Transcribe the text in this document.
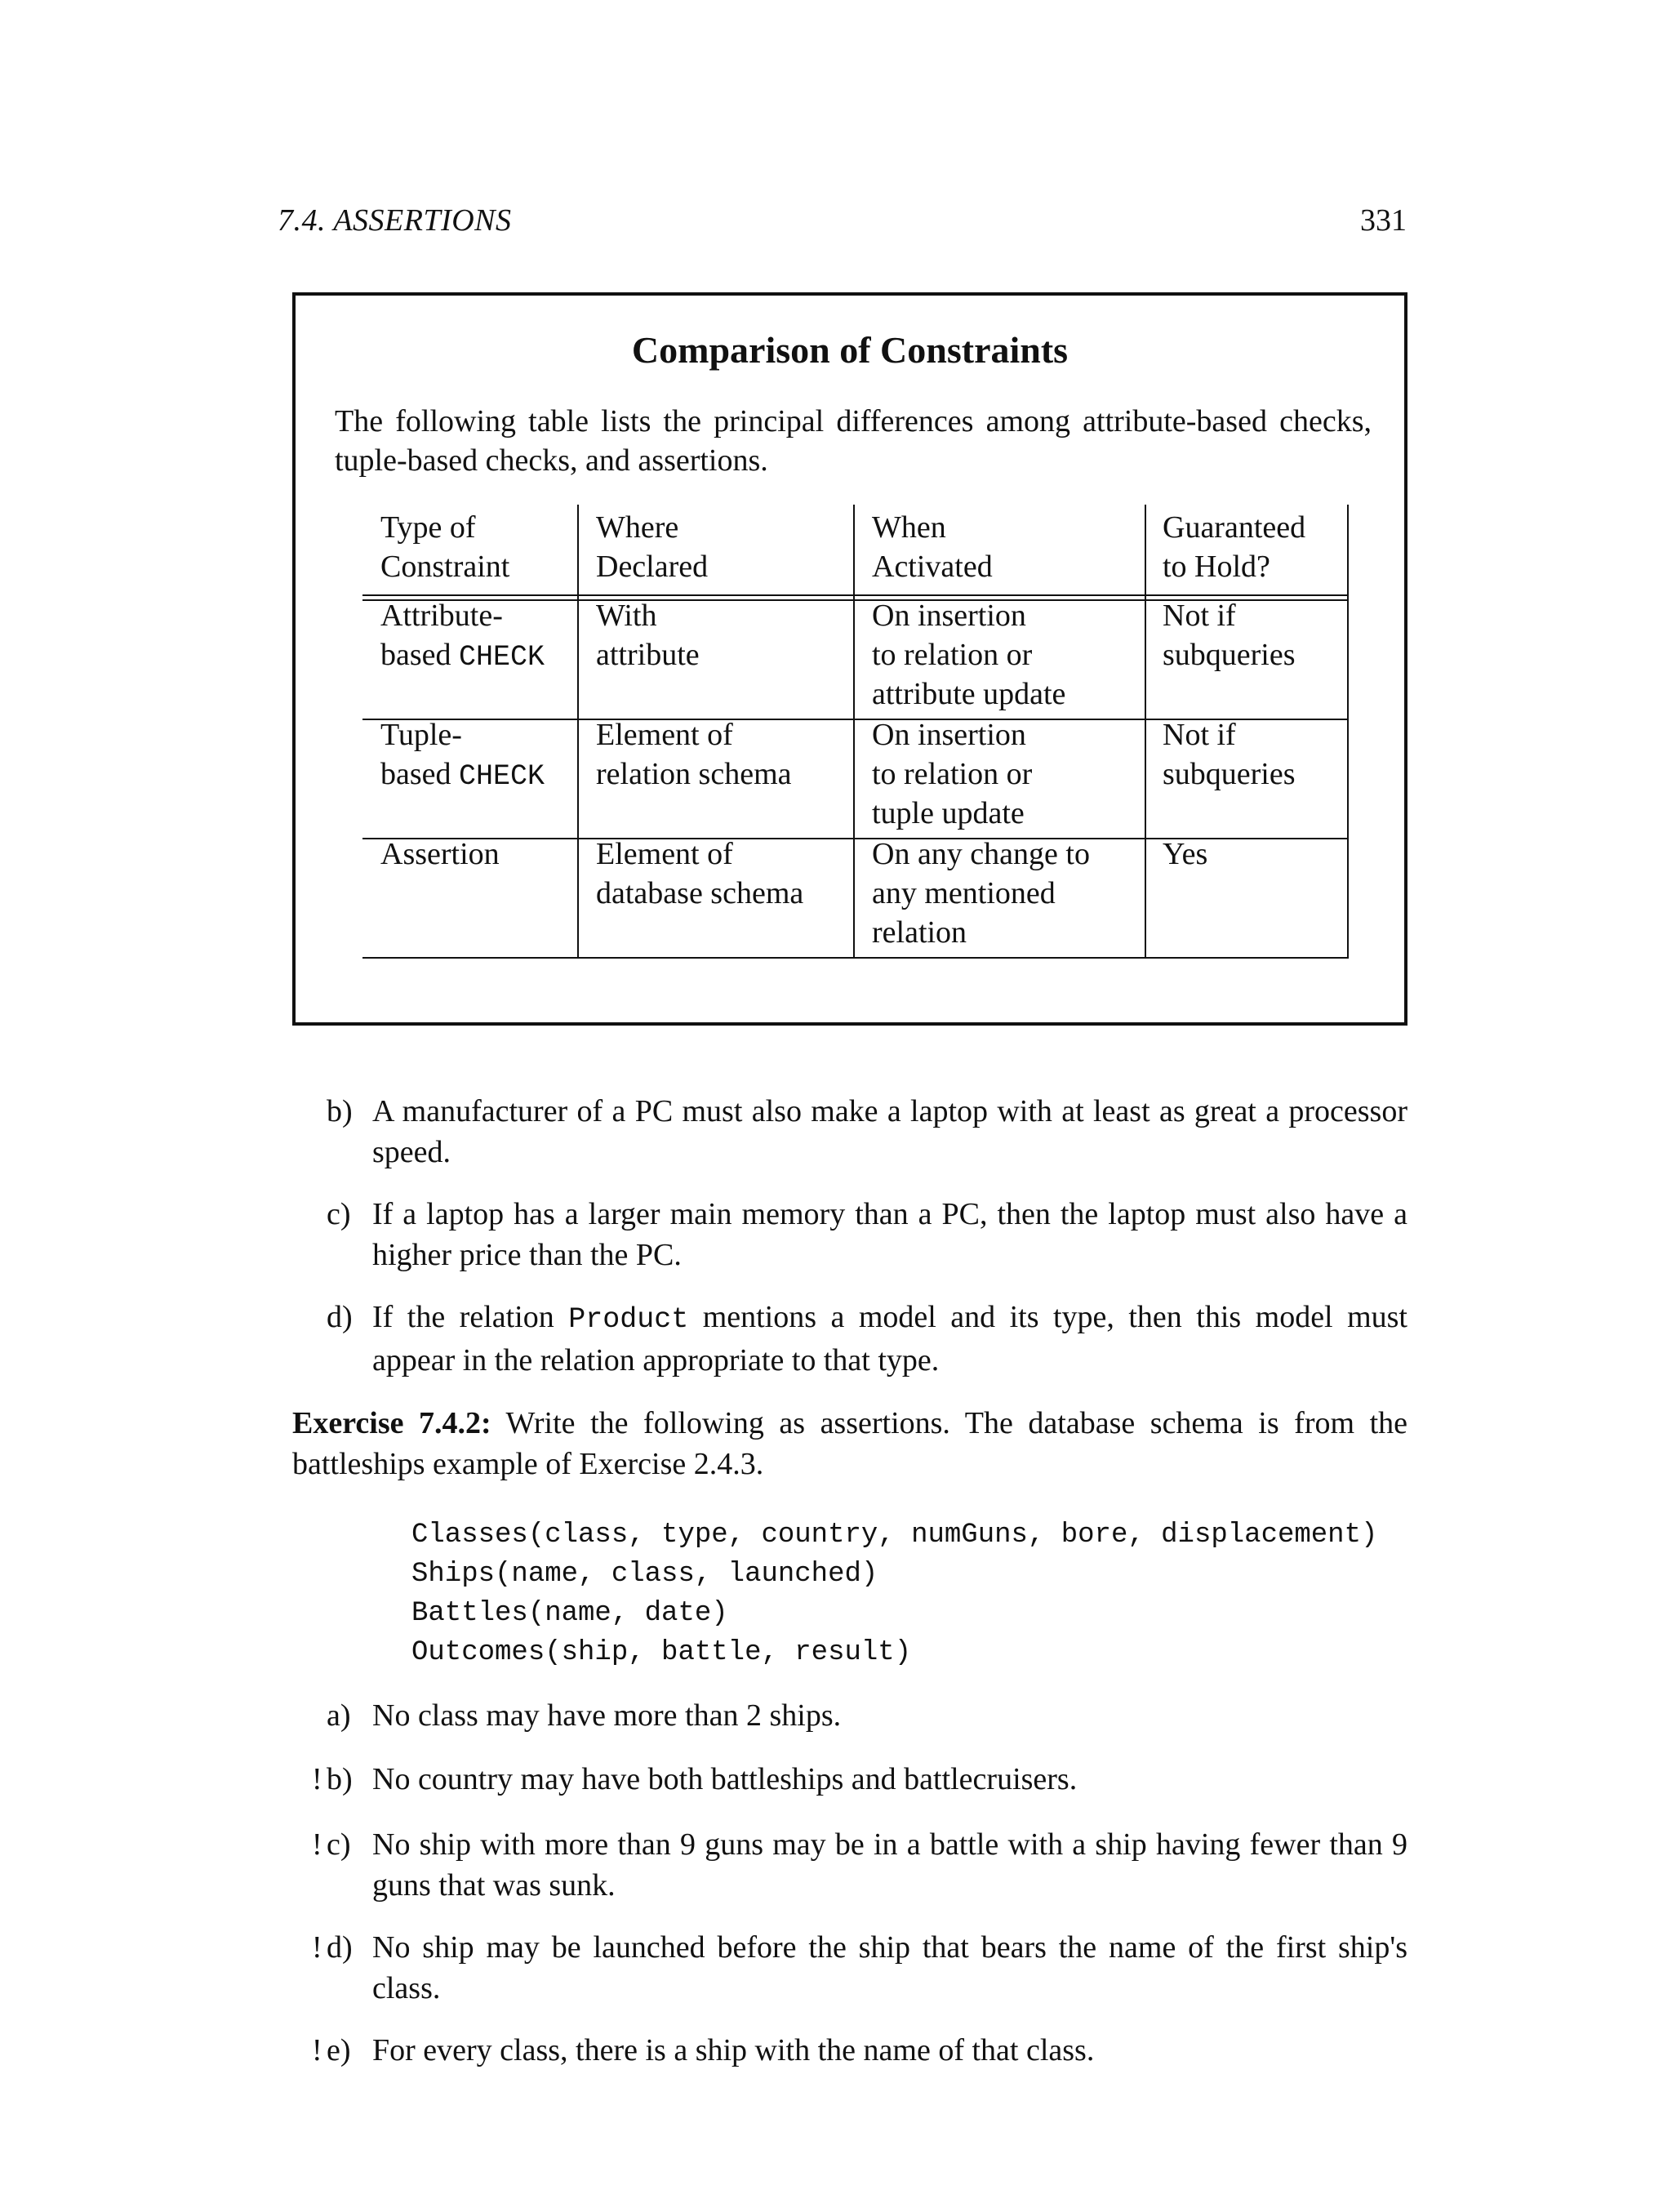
7.4. ASSERTIONS	331
Comparison of Constraints
The following table lists the principal differences among attribute-based checks, tuple-based checks, and assertions.
Type of
Constraint
Where
Declared
When
Activated
Guaranteed
to Hold?
Attribute-
based CHECK
With
attribute
On insertion
to relation or
attribute update
Not if
subqueries
Tuple-
based CHECK
Element of
relation schema
On insertion
to relation or
tuple update
Not if
subqueries
Assertion	Element of
database schema
On any change to
any mentioned
relation
Yes
b) A manufacturer of a PC must also make a laptop with at least as great a processor speed.
c) If a laptop has a larger main memory than a PC, then the laptop must also have a higher price than the PC.
d) If the relation Product mentions a model and its type, then this model must appear in the relation appropriate to that type.
Exercise 7.4.2: Write the following as assertions. The database schema is from the battleships example of Exercise 2.4.3.
Classes(class, type, country, numGuns, bore, displacement)
Ships(name, class, launched)
Battles(name, date)
Outcomes(ship, battle, result)
a) No class may have more than 2 ships.
! b) No country may have both battleships and battlecruisers.
! c) No ship with more than 9 guns may be in a battle with a ship having fewer than 9 guns that was sunk.
! d) No ship may be launched before the ship that bears the name of the first ship's class.
! e) For every class, there is a ship with the name of that class.
